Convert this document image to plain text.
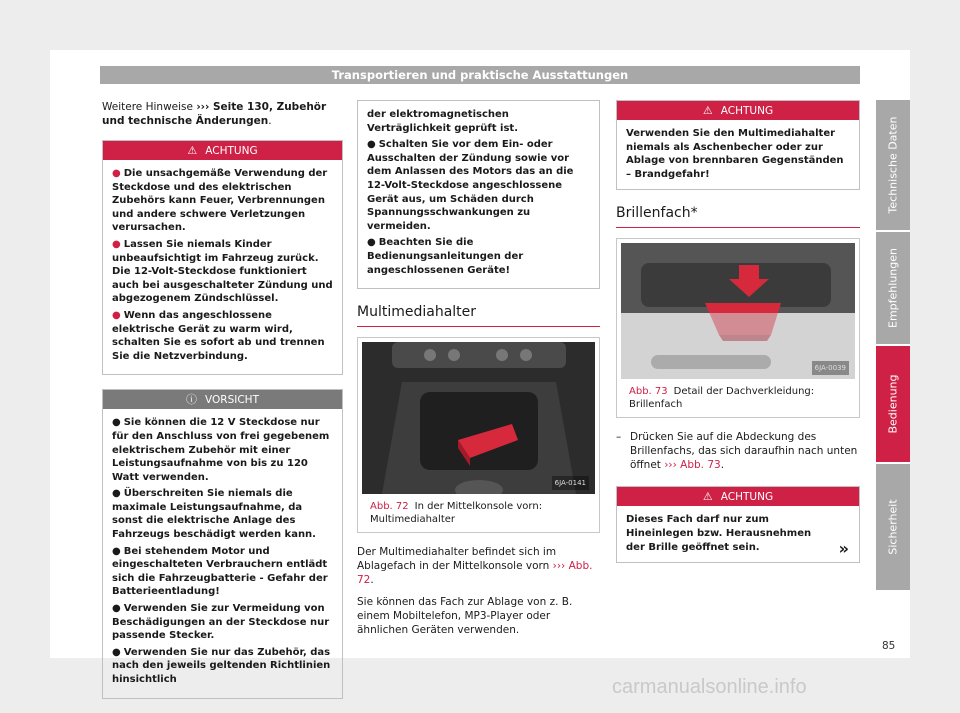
Transportieren und praktische Ausstattungen

Weitere Hinweise ››› Seite 130, Zubehör und technische Änderungen.

⚠ ACHTUNG

● Die unsachgemäße Verwendung der Steckdose und des elektrischen Zubehörs kann Feuer, Verbrennungen und andere schwere Verletzungen verursachen.

● Lassen Sie niemals Kinder unbeaufsichtigt im Fahrzeug zurück. Die 12-Volt-Steckdose funktioniert auch bei ausgeschalteter Zündung und abgezogenem Zündschlüssel.

● Wenn das angeschlossene elektrische Gerät zu warm wird, schalten Sie es sofort ab und trennen Sie die Netzverbindung.

ⓘ VORSICHT

● Sie können die 12 V Steckdose nur für den Anschluss von frei gegebenem elektrischem Zubehör mit einer Leistungsaufnahme von bis zu 120 Watt verwenden.

● Überschreiten Sie niemals die maximale Leistungsaufnahme, da sonst die elektrische Anlage des Fahrzeugs beschädigt werden kann.

● Bei stehendem Motor und eingeschalteten Verbrauchern entlädt sich die Fahrzeugbatterie - Gefahr der Batterieentladung!

● Verwenden Sie zur Vermeidung von Beschädigungen an der Steckdose nur passende Stecker.

● Verwenden Sie nur das Zubehör, das nach den jeweils geltenden Richtlinien hinsichtlich

der elektromagnetischen Verträglichkeit geprüft ist.

● Schalten Sie vor dem Ein- oder Ausschalten der Zündung sowie vor dem Anlassen des Motors das an die 12-Volt-Steckdose angeschlossene Gerät aus, um Schäden durch Spannungsschwankungen zu vermeiden.

● Beachten Sie die Bedienungsanleitungen der angeschlossenen Geräte!

Multimediahalter
6JA-0141
Abb. 72 In der Mittelkonsole vorn: Multimediahalter

Der Multimediahalter befindet sich im Ablagefach in der Mittelkonsole vorn ››› Abb. 72.

Sie können das Fach zur Ablage von z. B. einem Mobiltelefon, MP3-Player oder ähnlichen Geräten verwenden.

⚠ ACHTUNG
Verwenden Sie den Multimediahalter niemals als Aschenbecher oder zur Ablage von brennbaren Gegenständen – Brandgefahr!
Brillenfach*
6JA-0039
Abb. 73 Detail der Dachverkleidung: Brillenfach
– Drücken Sie auf die Abdeckung des Brillenfachs, das sich daraufhin nach unten öffnet ››› Abb. 73.
⚠ ACHTUNG
Dieses Fach darf nur zum Hineinlegen bzw. Herausnehmen der Brille geöffnet sein.	»
Technische Daten
Empfehlungen
Bedienung
Sicherheit
85
carmanualsonline.info
